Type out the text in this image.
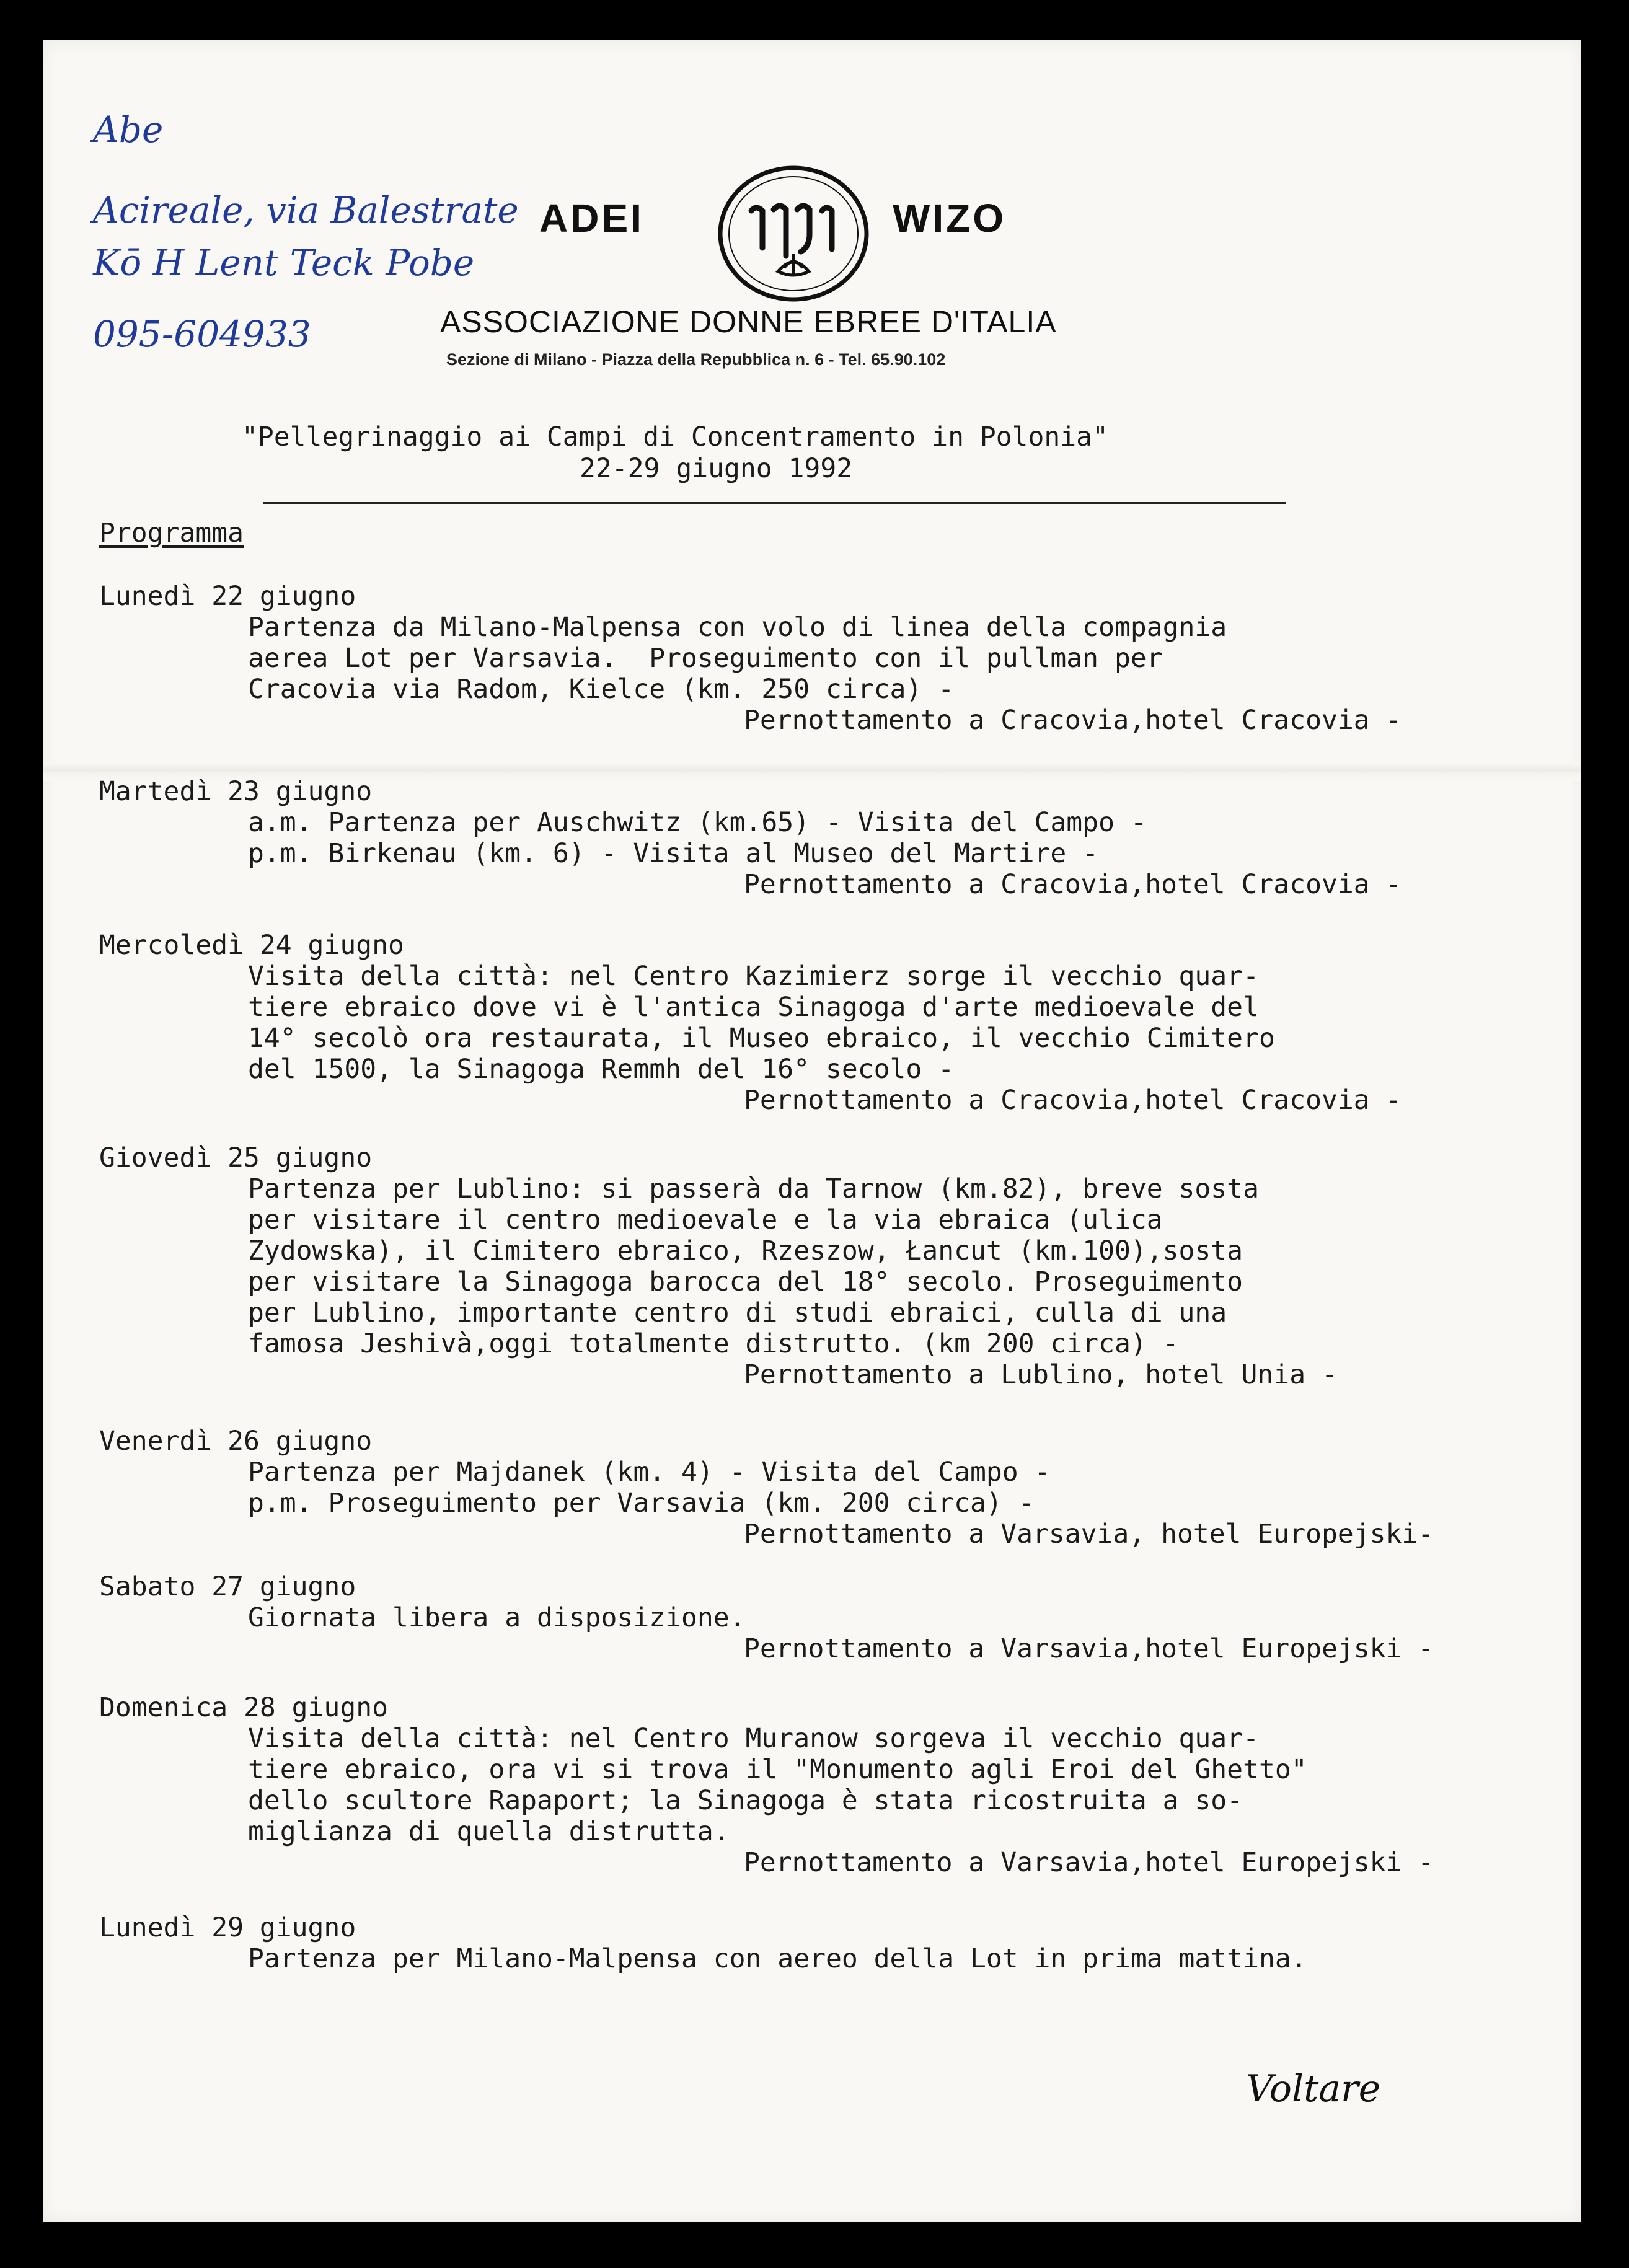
Abe
Acireale, via Balestrate
Kō H Lent Teck Pobe
095-604933
ADEI	WIZO
ASSOCIAZIONE DONNE EBREE D'ITALIA
Sezione di Milano - Piazza della Repubblica n. 6 - Tel. 65.90.102
"Pellegrinaggio ai Campi di Concentramento in Polonia"
22-29 giugno 1992
Programma
Lunedì 22 giugno
Partenza da Milano-Malpensa con volo di linea della compagnia
aerea Lot per Varsavia.  Proseguimento con il pullman per
Cracovia via Radom, Kielce (km. 250 circa) -
Pernottamento a Cracovia,hotel Cracovia -
Martedì 23 giugno
a.m. Partenza per Auschwitz (km.65) - Visita del Campo -
p.m. Birkenau (km. 6) - Visita al Museo del Martire -
Pernottamento a Cracovia,hotel Cracovia -
Mercoledì 24 giugno
Visita della città: nel Centro Kazimierz sorge il vecchio quar-
tiere ebraico dove vi è l'antica Sinagoga d'arte medioevale del
14° secolò ora restaurata, il Museo ebraico, il vecchio Cimitero
del 1500, la Sinagoga Remmh del 16° secolo -
Pernottamento a Cracovia,hotel Cracovia -
Giovedì 25 giugno
Partenza per Lublino: si passerà da Tarnow (km.82), breve sosta
per visitare il centro medioevale e la via ebraica (ulica
Zydowska), il Cimitero ebraico, Rzeszow, Łancut (km.100),sosta
per visitare la Sinagoga barocca del 18° secolo. Proseguimento
per Lublino, importante centro di studi ebraici, culla di una
famosa Jeshivà,oggi totalmente distrutto. (km 200 circa) -
Pernottamento a Lublino, hotel Unia -
Venerdì 26 giugno
Partenza per Majdanek (km. 4) - Visita del Campo -
p.m. Proseguimento per Varsavia (km. 200 circa) -
Pernottamento a Varsavia, hotel Europejski-
Sabato 27 giugno
Giornata libera a disposizione.
Pernottamento a Varsavia,hotel Europejski -
Domenica 28 giugno
Visita della città: nel Centro Muranow sorgeva il vecchio quar-
tiere ebraico, ora vi si trova il "Monumento agli Eroi del Ghetto"
dello scultore Rapaport; la Sinagoga è stata ricostruita a so-
miglianza di quella distrutta.
Pernottamento a Varsavia,hotel Europejski -
Lunedì 29 giugno
Partenza per Milano-Malpensa con aereo della Lot in prima mattina.
Voltare
